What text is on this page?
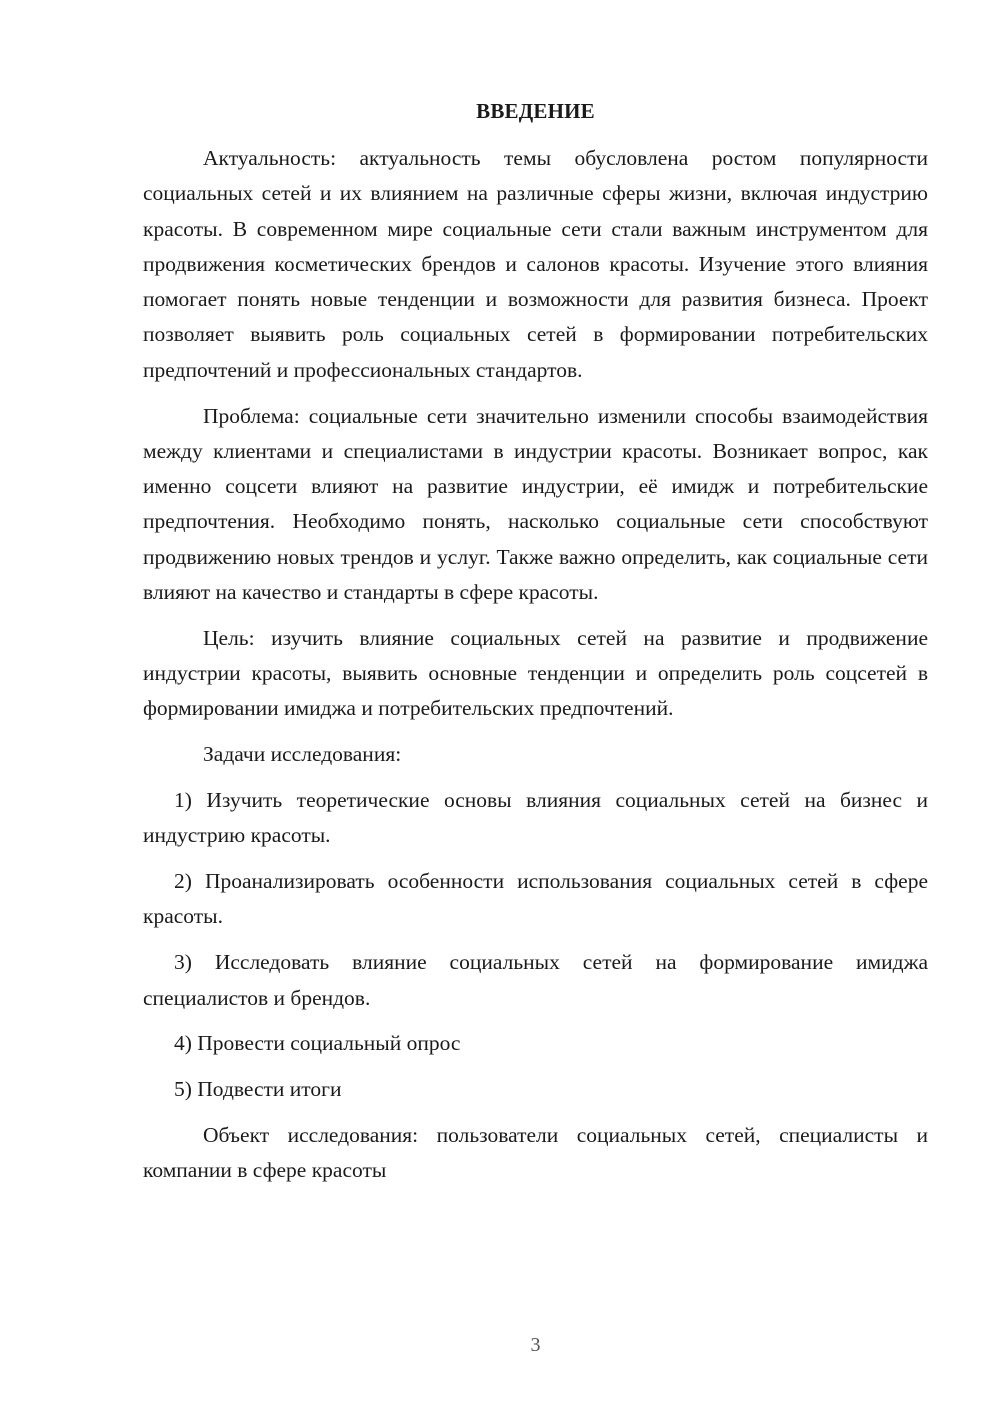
ВВЕДЕНИЕ

Актуальность: актуальность темы обусловлена ростом популярности социальных сетей и их влиянием на различные сферы жизни, включая индустрию красоты. В современном мире социальные сети стали важным инструментом для продвижения косметических брендов и салонов красоты. Изучение этого влияния помогает понять новые тенденции и возможности для развития бизнеса. Проект позволяет выявить роль социальных сетей в формировании потребительских предпочтений и профессиональных стандартов.

Проблема: социальные сети значительно изменили способы взаимодействия между клиентами и специалистами в индустрии красоты. Возникает вопрос, как именно соцсети влияют на развитие индустрии, её имидж и потребительские предпочтения. Необходимо понять, насколько социальные сети способствуют продвижению новых трендов и услуг. Также важно определить, как социальные сети влияют на качество и стандарты в сфере красоты.

Цель: изучить влияние социальных сетей на развитие и продвижение индустрии красоты, выявить основные тенденции и определить роль соцсетей в формировании имиджа и потребительских предпочтений.

Задачи исследования:

1) Изучить теоретические основы влияния социальных сетей на бизнес и индустрию красоты.

2) Проанализировать особенности использования социальных сетей в сфере красоты.

3) Исследовать влияние социальных сетей на формирование имиджа специалистов и брендов.

4) Провести социальный опрос

5) Подвести итоги

Объект исследования: пользователи социальных сетей, специалисты и компании в сфере красоты

3
